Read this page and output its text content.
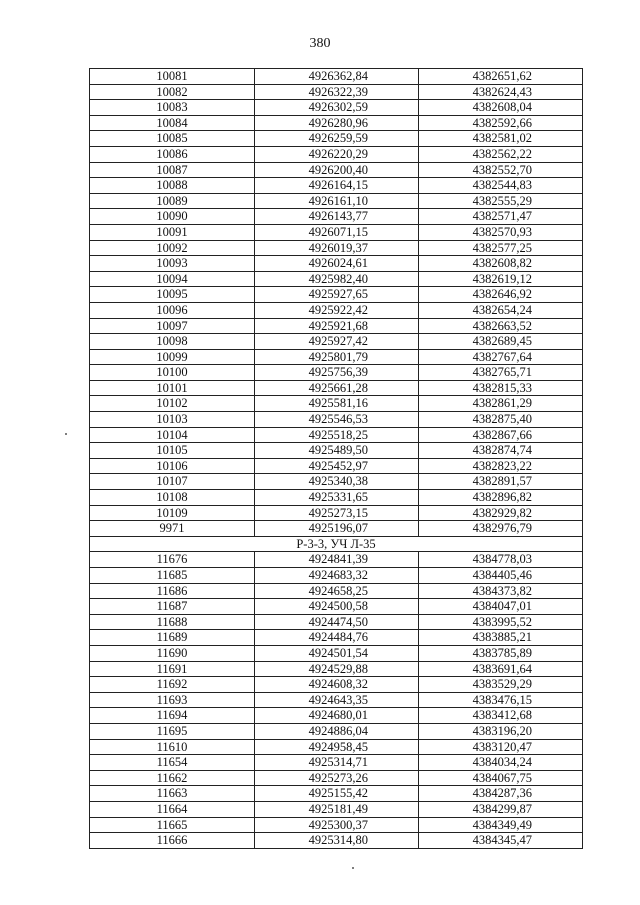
380
10081	4926362,84	4382651,62
10082	4926322,39	4382624,43
10083	4926302,59	4382608,04
10084	4926280,96	4382592,66
10085	4926259,59	4382581,02
10086	4926220,29	4382562,22
10087	4926200,40	4382552,70
10088	4926164,15	4382544,83
10089	4926161,10	4382555,29
10090	4926143,77	4382571,47
10091	4926071,15	4382570,93
10092	4926019,37	4382577,25
10093	4926024,61	4382608,82
10094	4925982,40	4382619,12
10095	4925927,65	4382646,92
10096	4925922,42	4382654,24
10097	4925921,68	4382663,52
10098	4925927,42	4382689,45
10099	4925801,79	4382767,64
10100	4925756,39	4382765,71
10101	4925661,28	4382815,33
10102	4925581,16	4382861,29
10103	4925546,53	4382875,40
10104	4925518,25	4382867,66
10105	4925489,50	4382874,74
10106	4925452,97	4382823,22
10107	4925340,38	4382891,57
10108	4925331,65	4382896,82
10109	4925273,15	4382929,82
9971	4925196,07	4382976,79
Р-3-3, УЧ Л-35		
11676	4924841,39	4384778,03
11685	4924683,32	4384405,46
11686	4924658,25	4384373,82
11687	4924500,58	4384047,01
11688	4924474,50	4383995,52
11689	4924484,76	4383885,21
11690	4924501,54	4383785,89
11691	4924529,88	4383691,64
11692	4924608,32	4383529,29
11693	4924643,35	4383476,15
11694	4924680,01	4383412,68
11695	4924886,04	4383196,20
11610	4924958,45	4383120,47
11654	4925314,71	4384034,24
11662	4925273,26	4384067,75
11663	4925155,42	4384287,36
11664	4925181,49	4384299,87
11665	4925300,37	4384349,49
11666	4925314,80	4384345,47
